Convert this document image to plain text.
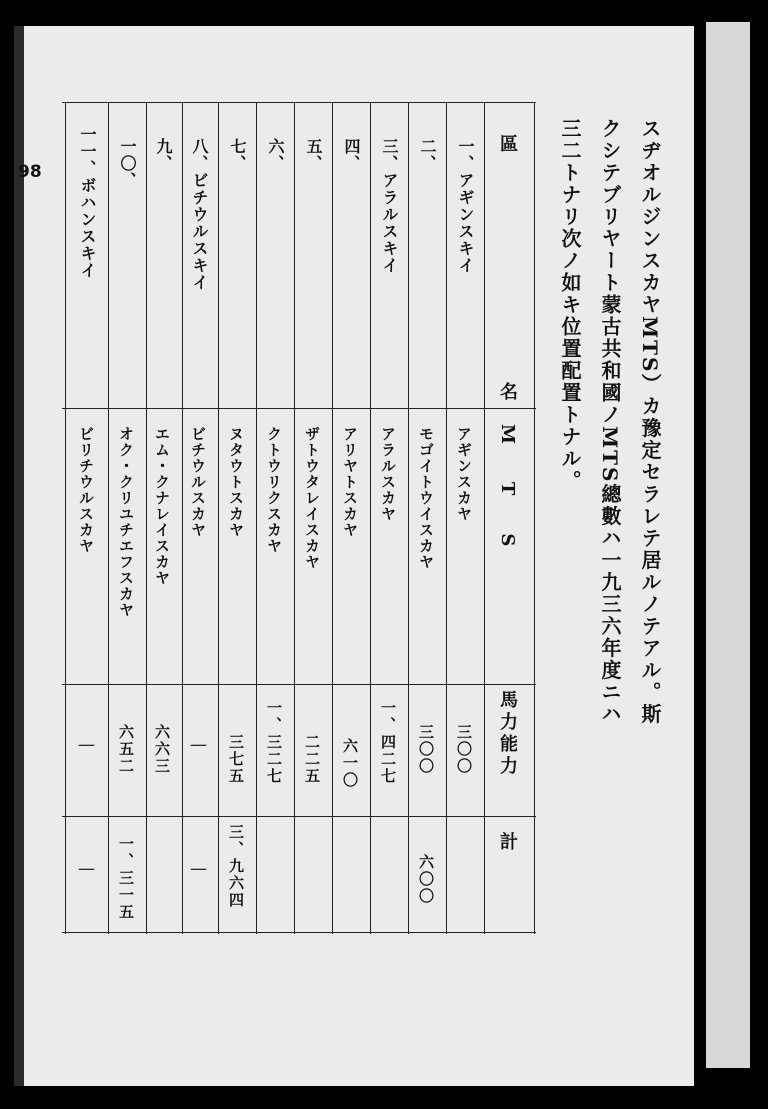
98	スヂオルジンスカヤMTS）カ豫定セラレテ居ルノテアル。斯
クシテブリヤート蒙古共和國ノMTS總數ハ一九三六年度ニハ
三二トナリ次ノ如キ位置配置トナル。
區
名
M　T　S
馬力能力
計
一、アギンスキイ
アギンスカヤ
三〇〇
二、
モゴイトウイスカヤ
三〇〇
六〇〇
三、アラルスキイ
アラルスカヤ
一、四二七
四、
アリヤトスカヤ
六一〇
五、
ザトウタレイスカヤ
二二五
六、
クトウリクスカヤ
一、三二七
七、
ヌタウトスカヤ
三七五
三、九六四
八、ビチウルスキイ
ビチウルスカヤ
｜
｜
九、
エム・クナレイスカヤ
六六三
一〇、
オク・クリユチエフスカヤ
六五二
一、三一五
一一、ボハンスキイ
ビリチウルスカヤ
｜
｜
